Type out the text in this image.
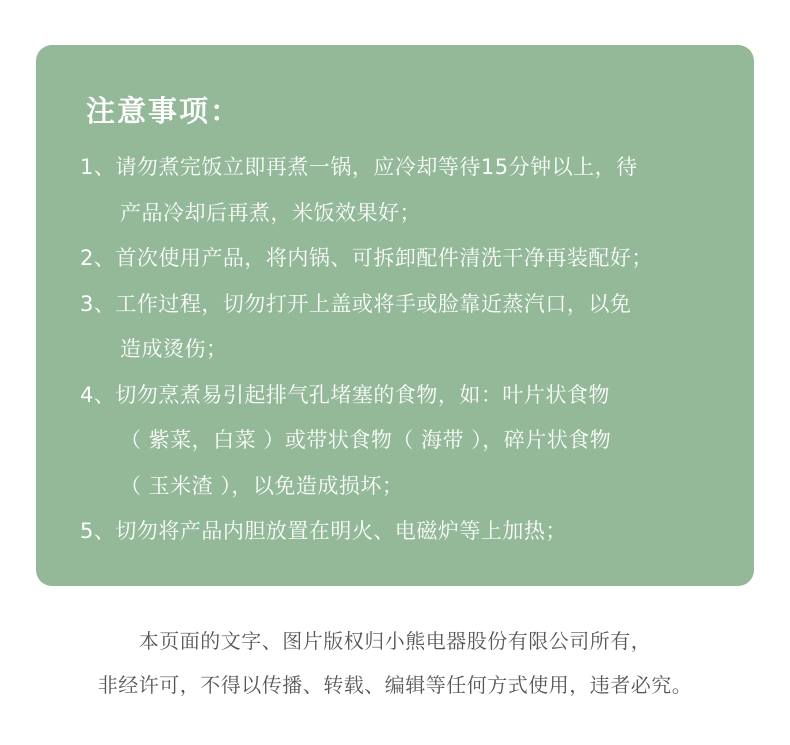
注意事项：
1、请勿煮完饭立即再煮一锅，应冷却等待15分钟以上，待
产品冷却后再煮，米饭效果好；
2、首次使用产品，将内锅、可拆卸配件清洗干净再装配好；
3、工作过程，切勿打开上盖或将手或脸靠近蒸汽口，以免
造成烫伤；
4、切勿烹煮易引起排气孔堵塞的食物，如：叶片状食物
（ 紫菜，白菜 ）或带状食物（ 海带 ），碎片状食物
（ 玉米渣 ），以免造成损坏；
5、切勿将产品内胆放置在明火、电磁炉等上加热；
本页面的文字、图片版权归小熊电器股份有限公司所有，
非经许可，不得以传播、转载、编辑等任何方式使用，违者必究。
